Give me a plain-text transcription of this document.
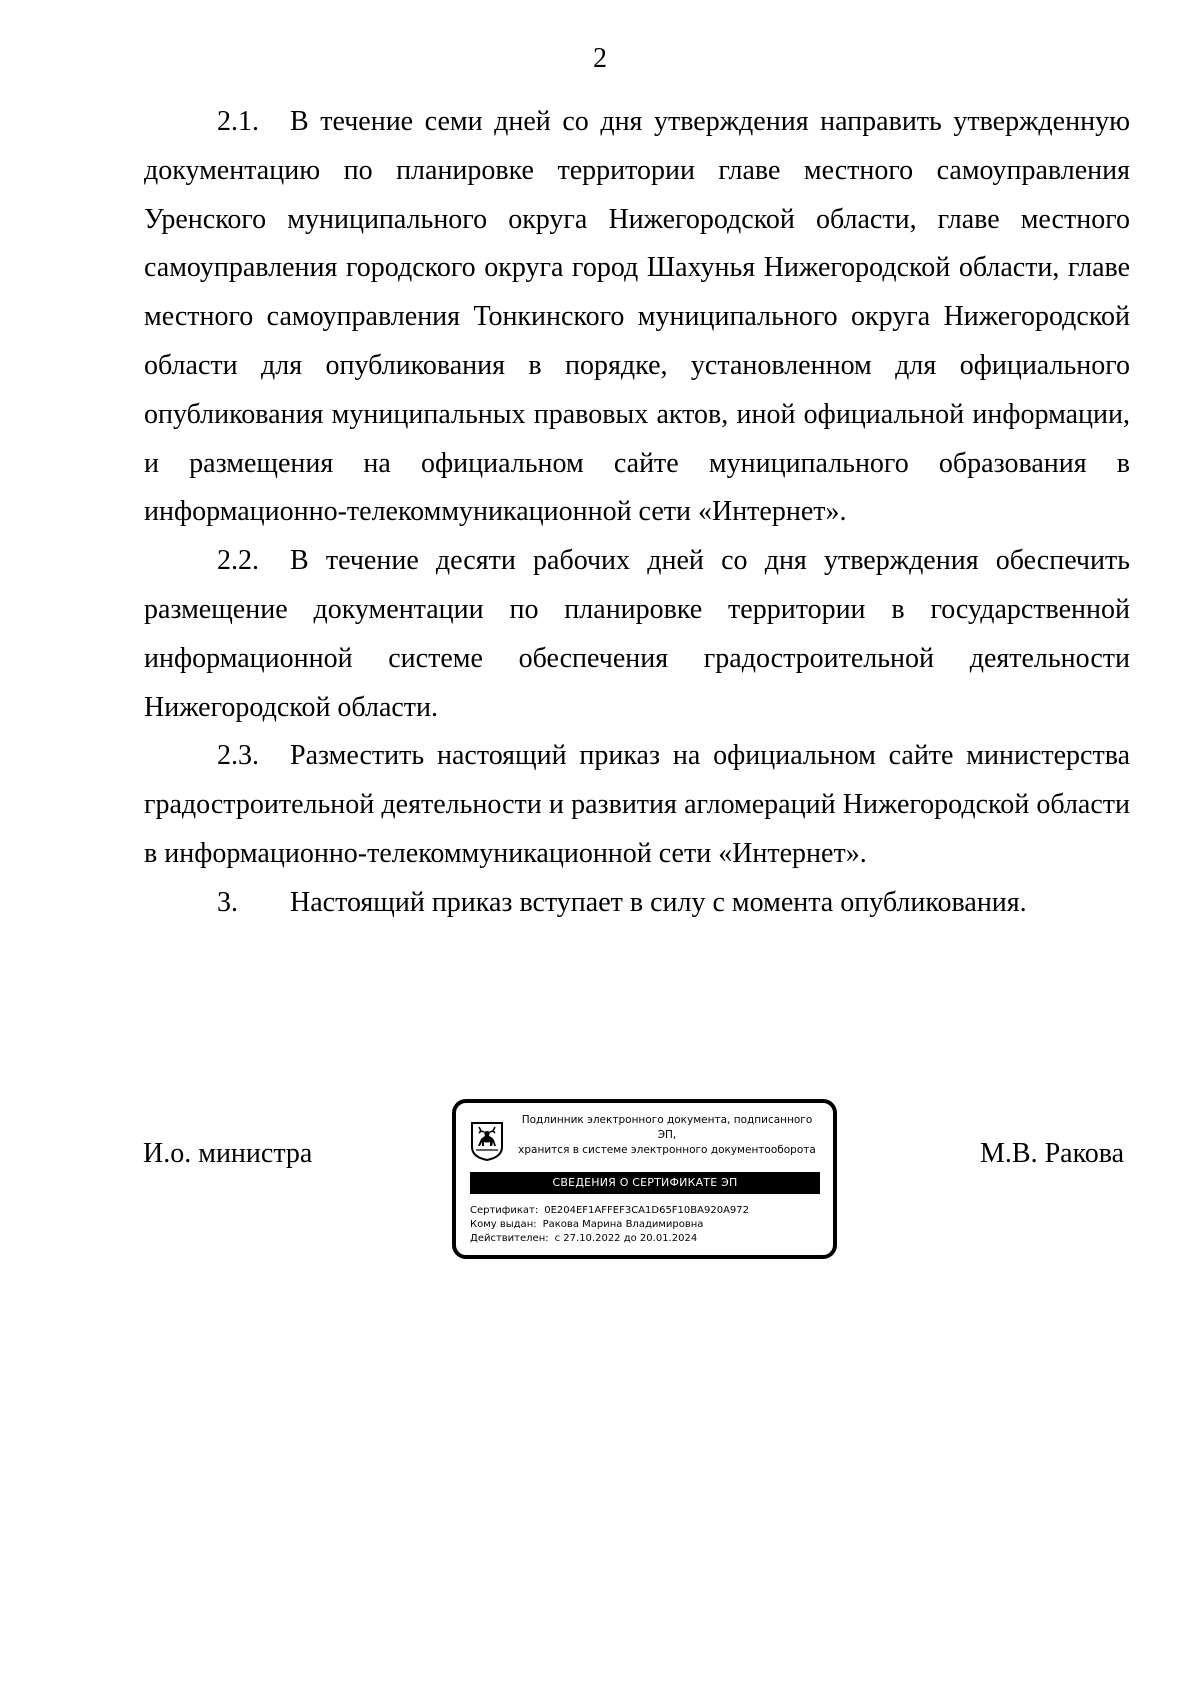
2

2.1. В течение семи дней со дня утверждения направить утвержденную документацию по планировке территории главе местного самоуправления Уренского муниципального округа Нижегородской области, главе местного самоуправления городского округа город Шахунья Нижегородской области, главе местного самоуправления Тонкинского муниципального округа Нижегородской области для опубликования в порядке, установленном для официального опубликования муниципальных правовых актов, иной официальной информации, и размещения на официальном сайте муниципального образования в информационно-телекоммуникационной сети «Интернет».

2.2. В течение десяти рабочих дней со дня утверждения обеспечить размещение документации по планировке территории в государственной информационной системе обеспечения градостроительной деятельности Нижегородской области.

2.3. Разместить настоящий приказ на официальном сайте министерства градостроительной деятельности и развития агломераций Нижегородской области в информационно-телекоммуникационной сети «Интернет».

3. Настоящий приказ вступает в силу с момента опубликования.

И.о. министра
Подлинник электронного документа, подписанного ЭП,
хранится в системе электронного документооборота
СВЕДЕНИЯ О СЕРТИФИКАТЕ ЭП
Сертификат: 0E204EF1AFFEF3CA1D65F10BA920A972
Кому выдан: Ракова Марина Владимировна
Действителен: с 27.10.2022 до 20.01.2024
М.В. Ракова
